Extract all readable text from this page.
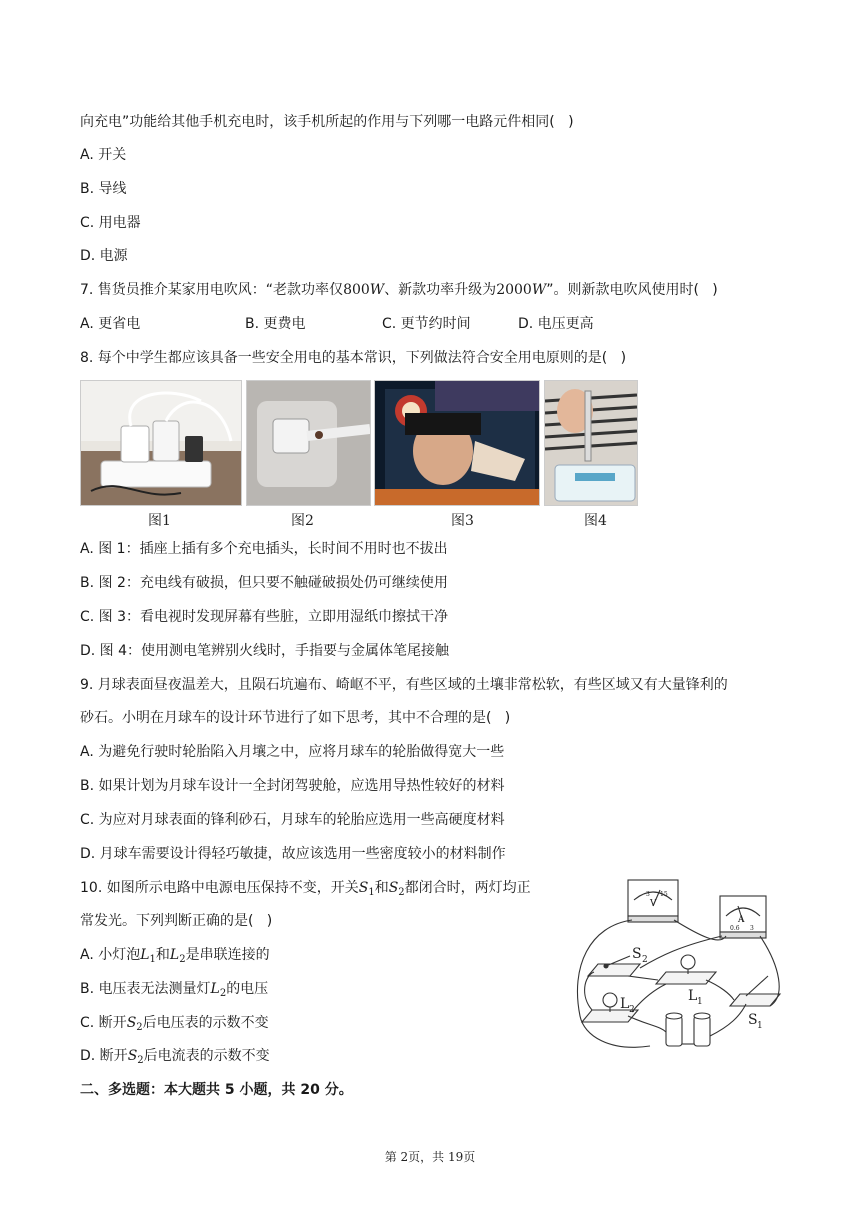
向充电”功能给其他手机充电时，该手机所起的作用与下列哪一电路元件相同(   )
A. 开关
B. 导线
C. 用电器
D. 电源
7. 售货员推介某家用电吹风：“老款功率仅800W、新款功率升级为2000W”。则新款电吹风使用时(   )
A. 更省电	B. 更费电	C. 更节约时间	D. 电压更高
8. 每个中学生都应该具备一些安全用电的基本常识，下列做法符合安全用电原则的是(   )
图1	图2	图3	图4
A. 图 1：插座上插有多个充电插头，长时间不用时也不拔出
B. 图 2：充电线有破损，但只要不触碰破损处仍可继续使用
C. 图 3：看电视时发现屏幕有些脏，立即用湿纸巾擦拭干净
D. 图 4：使用测电笔辨别火线时，手指要与金属体笔尾接触
9. 月球表面昼夜温差大，且陨石坑遍布、崎岖不平，有些区域的土壤非常松软，有些区域又有大量锋利的
砂石。小明在月球车的设计环节进行了如下思考，其中不合理的是(   )
A. 为避免行驶时轮胎陷入月壤之中，应将月球车的轮胎做得宽大一些
B. 如果计划为月球车设计一全封闭驾驶舱，应选用导热性较好的材料
C. 为应对月球表面的锋利砂石，月球车的轮胎应选用一些高硬度材料
D. 月球车需要设计得轻巧敏捷，故应该选用一些密度较小的材料制作
10. 如图所示电路中电源电压保持不变，开关$S_1$和$S_2$都闭合时，两灯均正
常发光。下列判断正确的是(   )
A. 小灯泡$L_1$和$L_2$是串联连接的
B. 电压表无法测量灯$L_2$的电压
C. 断开$S_2$后电压表的示数不变
D. 断开$S_2$后电流表的示数不变
V
3 15
A
0.6 3
S 2
L 2
L 1
S 1
二、多选题：本大题共 5 小题，共 20 分。
第 2页，共 19页
